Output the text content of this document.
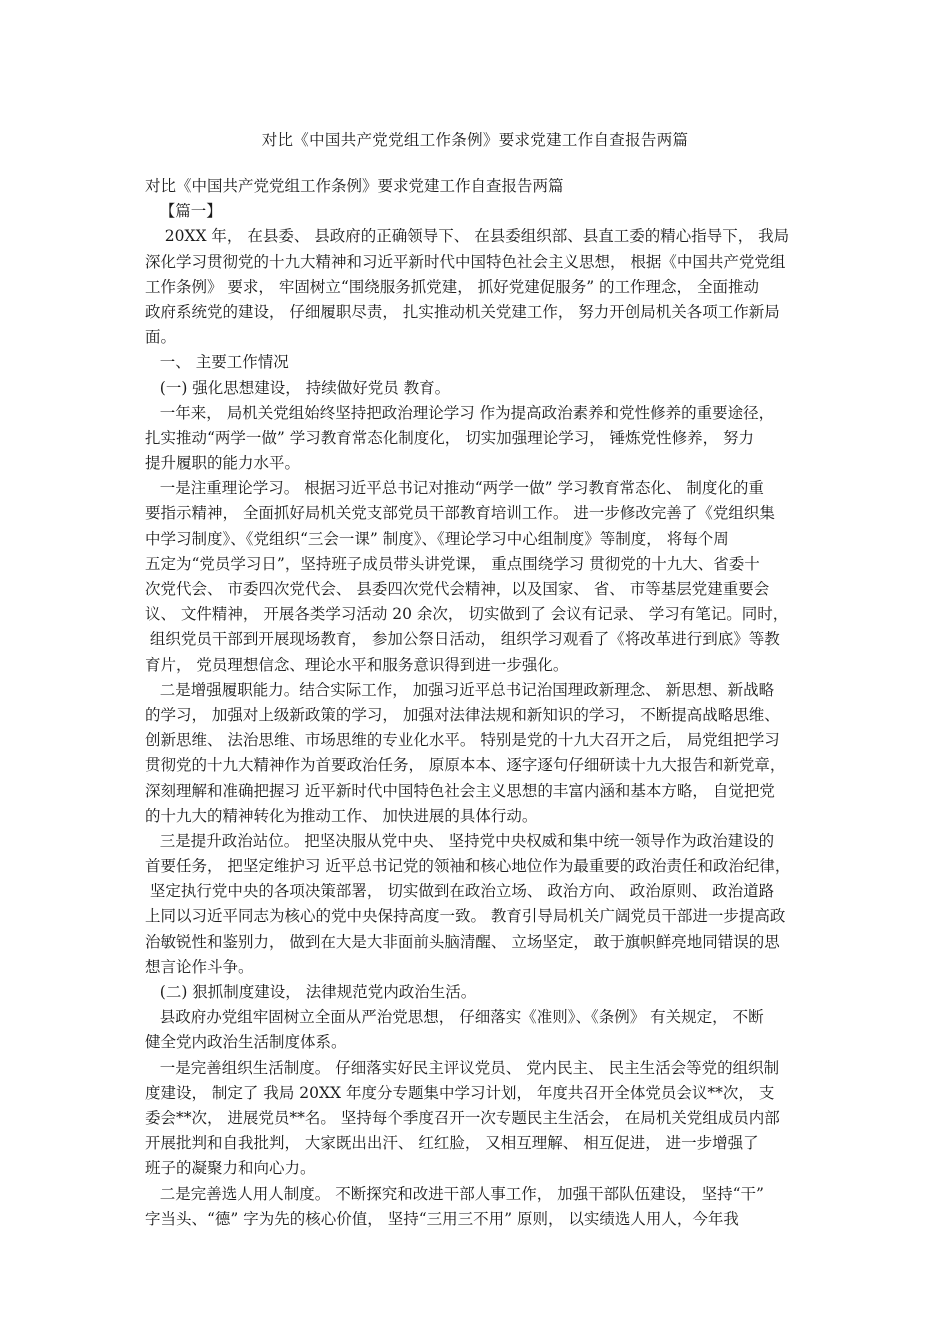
对比《中国共产党党组工作条例》要求党建工作自查报告两篇
对比《中国共产党党组工作条例》要求党建工作自查报告两篇
【篇一】
20XX 年， 在县委、 县政府的正确领导下、 在县委组织部、县直工委的精心指导下， 我局
深化学习贯彻党的十九大精神和习近平新时代中国特色社会主义思想， 根据《中国共产党党组
工作条例》 要求， 牢固树立“围绕服务抓党建， 抓好党建促服务” 的工作理念， 全面推动
政府系统党的建设， 仔细履职尽责， 扎实推动机关党建工作， 努力开创局机关各项工作新局
面。
一、 主要工作情况
(一) 强化思想建设， 持续做好党员 教育。
一年来， 局机关党组始终坚持把政治理论学习 作为提高政治素养和党性修养的重要途径，
扎实推动“两学一做” 学习教育常态化制度化， 切实加强理论学习， 锤炼党性修养， 努力
提升履职的能力水平。
一是注重理论学习。 根据习近平总书记对推动“两学一做” 学习教育常态化、 制度化的重
要指示精神， 全面抓好局机关党支部党员干部教育培训工作。 进一步修改完善了《党组织集
中学习制度》、《党组织“三会一课” 制度》、《理论学习中心组制度》等制度， 将每个周
五定为“党员学习日”，坚持班子成员带头讲党课， 重点围绕学习 贯彻党的十九大、省委十
次党代会、 市委四次党代会、 县委四次党代会精神，以及国家、 省、 市等基层党建重要会
议、 文件精神， 开展各类学习活动 20 余次， 切实做到了 会议有记录、 学习有笔记。同时，
组织党员干部到开展现场教育， 参加公祭日活动， 组织学习观看了《将改革进行到底》等教
育片， 党员理想信念、理论水平和服务意识得到进一步强化。
二是增强履职能力。结合实际工作， 加强习近平总书记治国理政新理念、 新思想、新战略
的学习， 加强对上级新政策的学习， 加强对法律法规和新知识的学习， 不断提高战略思维、
创新思维、 法治思维、市场思维的专业化水平。 特别是党的十九大召开之后， 局党组把学习
贯彻党的十九大精神作为首要政治任务， 原原本本、逐字逐句仔细研读十九大报告和新党章，
深刻理解和准确把握习 近平新时代中国特色社会主义思想的丰富内涵和基本方略， 自觉把党
的十九大的精神转化为推动工作、 加快进展的具体行动。
三是提升政治站位。 把坚决服从党中央、 坚持党中央权威和集中统一领导作为政治建设的
首要任务， 把坚定维护习 近平总书记党的领袖和核心地位作为最重要的政治责任和政治纪律，
坚定执行党中央的各项决策部署， 切实做到在政治立场、 政治方向、 政治原则、 政治道路
上同以习近平同志为核心的党中央保持高度一致。 教育引导局机关广阔党员干部进一步提高政
治敏锐性和鉴别力， 做到在大是大非面前头脑清醒、 立场坚定， 敢于旗帜鲜亮地同错误的思
想言论作斗争。
(二) 狠抓制度建设， 法律规范党内政治生活。
县政府办党组牢固树立全面从严治党思想， 仔细落实《准则》、《条例》 有关规定， 不断
健全党内政治生活制度体系。
一是完善组织生活制度。 仔细落实好民主评议党员、 党内民主、 民主生活会等党的组织制
度建设， 制定了 我局 20XX 年度分专题集中学习计划， 年度共召开全体党员会议**次， 支
委会**次， 进展党员**名。 坚持每个季度召开一次专题民主生活会， 在局机关党组成员内部
开展批判和自我批判， 大家既出出汗、 红红脸， 又相互理解、 相互促进， 进一步增强了
班子的凝聚力和向心力。
二是完善选人用人制度。 不断探究和改进干部人事工作， 加强干部队伍建设， 坚持“干”
字当头、“德” 字为先的核心价值， 坚持“三用三不用” 原则， 以实绩选人用人，今年我
